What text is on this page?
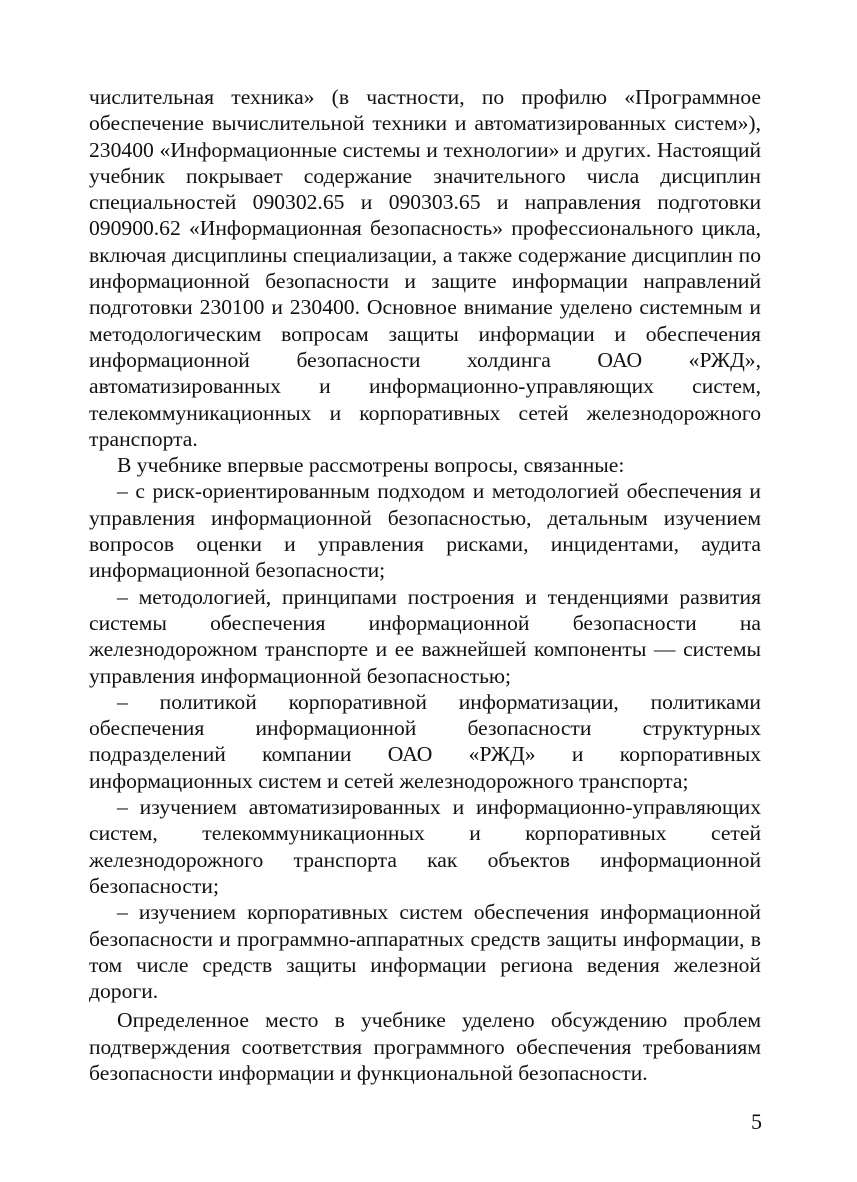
числительная техника» (в частности, по профилю «Программное обеспечение вычислительной техники и автоматизированных систем»), 230400 «Информационные системы и технологии» и других. Настоящий учебник покрывает содержание значительного числа дисциплин специальностей 090302.65 и 090303.65 и направления подготовки 090900.62 «Информационная безопасность» профессионального цикла, включая дисциплины специализации, а также содержание дисциплин по информационной безопасности и защите информации направлений подготовки 230100 и 230400. Основное внимание уделено системным и методологическим вопросам защиты информации и обеспечения информационной безопасности холдинга ОАО «РЖД», автоматизированных и информационно-управляющих систем, телекоммуникационных и корпоративных сетей железнодорожного транспорта.

В учебнике впервые рассмотрены вопросы, связанные:

– с риск-ориентированным подходом и методологией обеспечения и управления информационной безопасностью, детальным изучением вопросов оценки и управления рисками, инцидентами, аудита информационной безопасности;

– методологией, принципами построения и тенденциями развития системы обеспечения информационной безопасности на железнодорожном транспорте и ее важнейшей компоненты — системы управления информационной безопасностью;

– политикой корпоративной информатизации, политиками обеспечения информационной безопасности структурных подразделений компании ОАО «РЖД» и корпоративных информационных систем и сетей железнодорожного транспорта;

– изучением автоматизированных и информационно-управляющих систем, телекоммуникационных и корпоративных сетей железнодорожного транспорта как объектов информационной безопасности;

– изучением корпоративных систем обеспечения информационной безопасности и программно-аппаратных средств защиты информации, в том числе средств защиты информации региона ведения железной дороги.

Определенное место в учебнике уделено обсуждению проблем подтверждения соответствия программного обеспечения требованиям безопасности информации и функциональной безопасности.

5
